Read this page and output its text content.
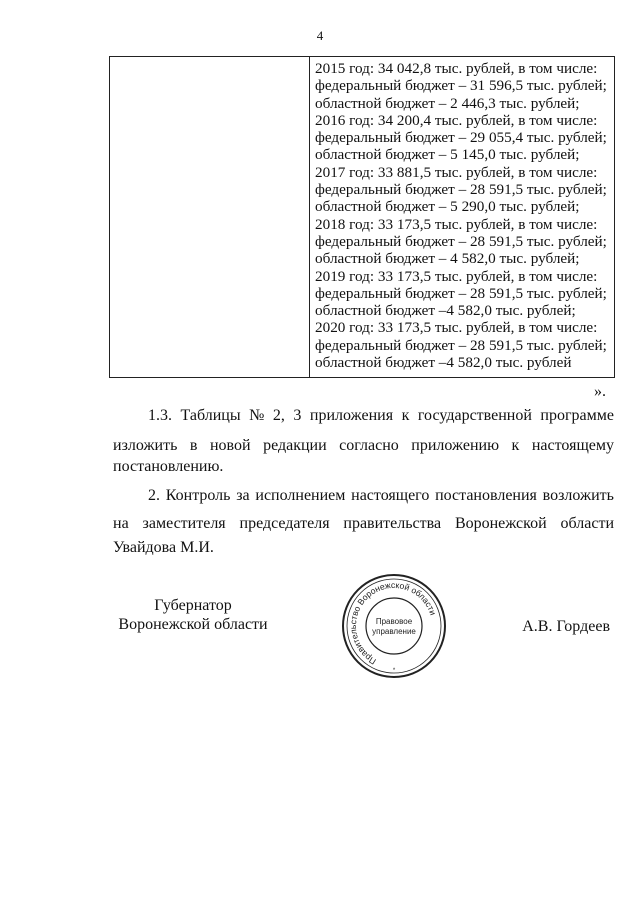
4
2015 год: 34 042,8 тыс. рублей, в том числе:
федеральный бюджет – 31 596,5 тыс. рублей;
областной бюджет – 2 446,3 тыс. рублей;
2016 год: 34 200,4 тыс. рублей, в том числе:
федеральный бюджет – 29 055,4 тыс. рублей;
областной бюджет – 5 145,0 тыс. рублей;
2017 год: 33 881,5 тыс. рублей, в том числе:
федеральный бюджет – 28 591,5 тыс. рублей;
областной бюджет – 5 290,0 тыс. рублей;
2018 год: 33 173,5 тыс. рублей, в том числе:
федеральный бюджет – 28 591,5 тыс. рублей;
областной бюджет – 4 582,0 тыс. рублей;
2019 год: 33 173,5 тыс. рублей, в том числе:
федеральный бюджет – 28 591,5 тыс. рублей;
областной бюджет –4 582,0 тыс. рублей;
2020 год: 33 173,5 тыс. рублей, в том числе:
федеральный бюджет – 28 591,5 тыс. рублей;
областной бюджет –4 582,0 тыс. рублей
».
1.3. Таблицы № 2, 3 приложения к государственной программе
изложить в новой редакции согласно приложению к настоящему
постановлению.
2. Контроль за исполнением настоящего постановления возложить
на заместителя председателя правительства Воронежской области
Увайдова М.И.
Губернатор
Воронежской области	А.В. Гордеев
Правительство Воронежской области
Правовое
управление
*
